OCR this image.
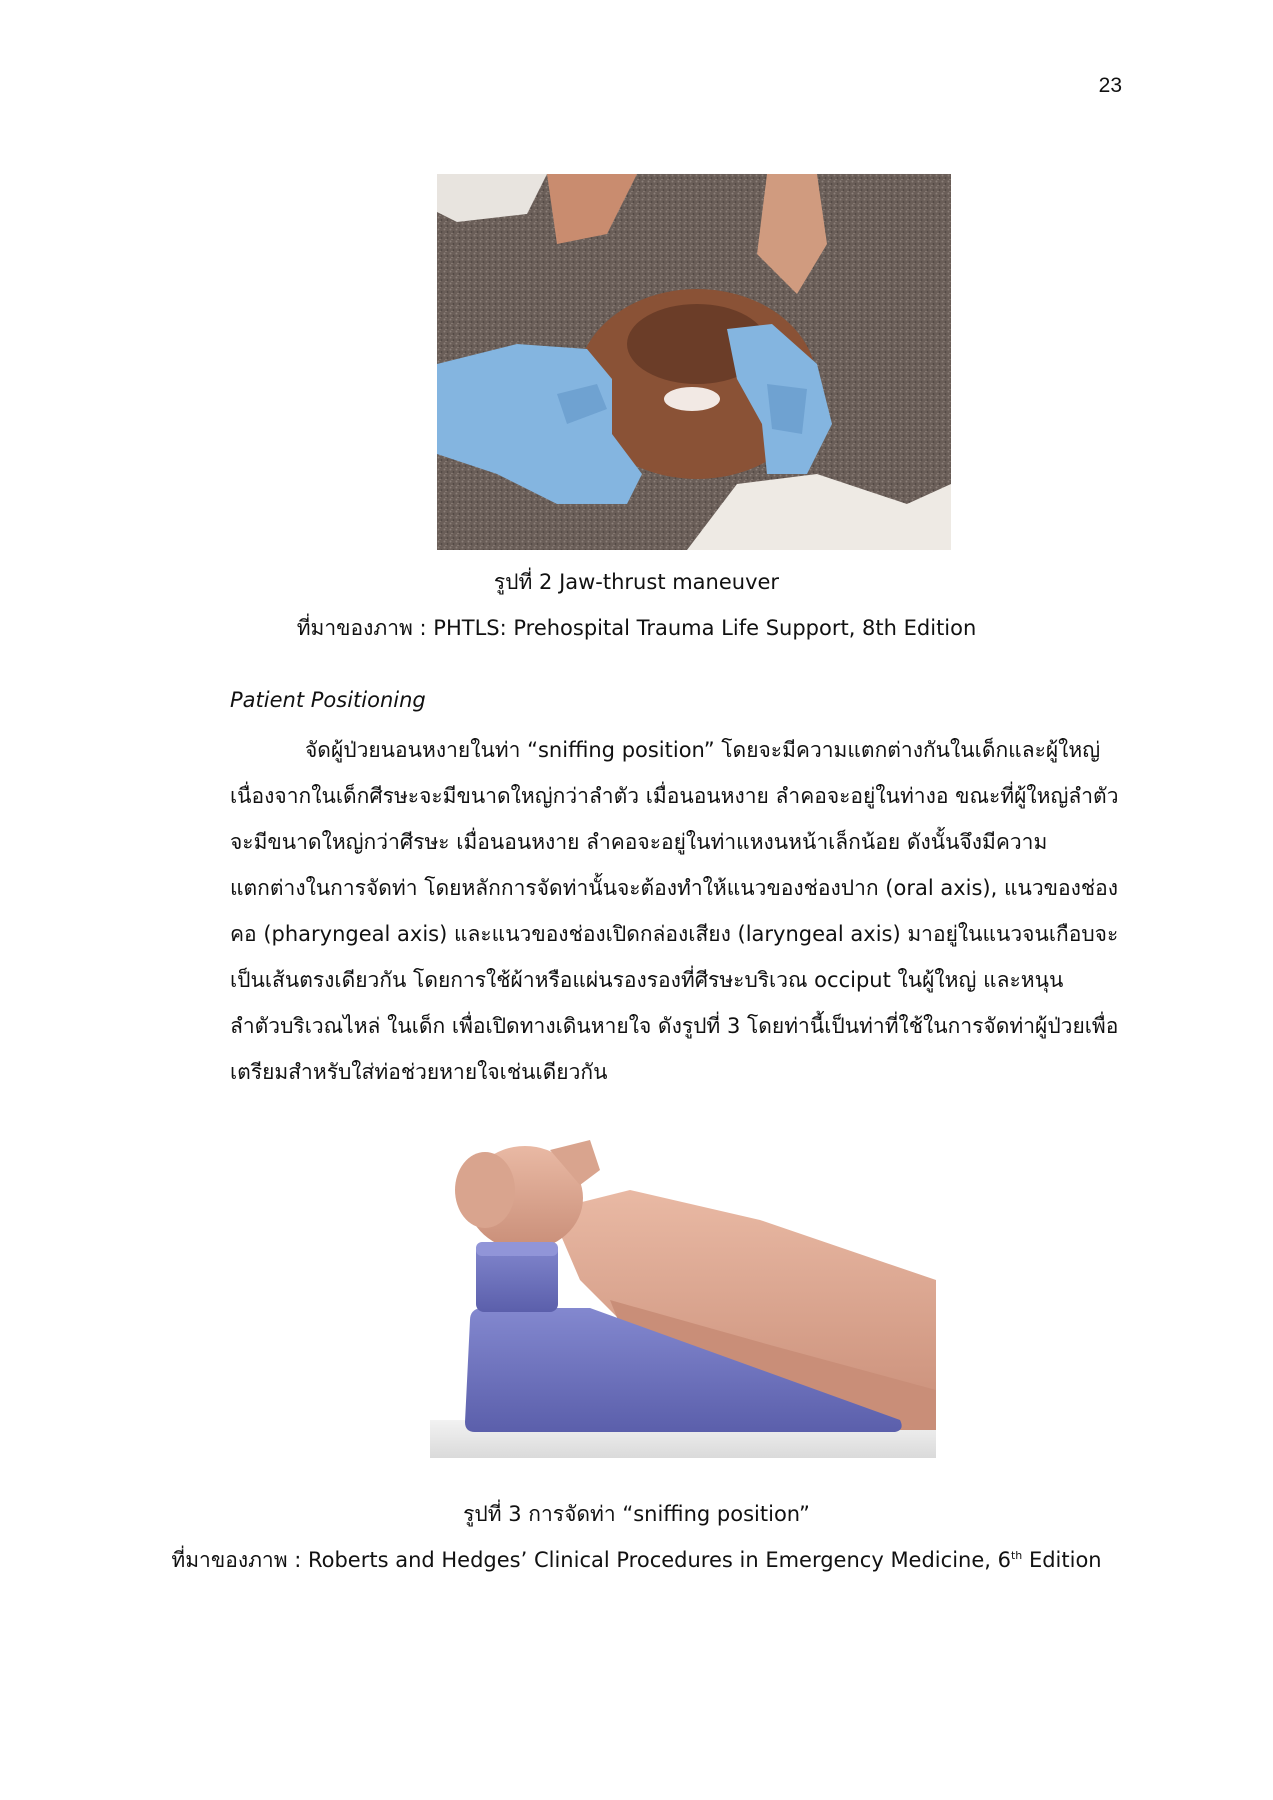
23
รูปที่ 2 Jaw-thrust maneuver
ที่มาของภาพ : PHTLS: Prehospital Trauma Life Support, 8th Edition
Patient Positioning
จัดผู้ป่วยนอนหงายในท่า “sniffing position” โดยจะมีความแตกต่างกันในเด็กและผู้ใหญ่
เนื่องจากในเด็กศีรษะจะมีขนาดใหญ่กว่าลำตัว เมื่อนอนหงาย ลำคอจะอยู่ในท่างอ ขณะที่ผู้ใหญ่ลำตัว
จะมีขนาดใหญ่กว่าศีรษะ เมื่อนอนหงาย ลำคอจะอยู่ในท่าแหงนหน้าเล็กน้อย ดังนั้นจึงมีความ
แตกต่างในการจัดท่า โดยหลักการจัดท่านั้นจะต้องทำให้แนวของช่องปาก (oral axis), แนวของช่อง
คอ (pharyngeal axis) และแนวของช่องเปิดกล่องเสียง (laryngeal axis) มาอยู่ในแนวจนเกือบจะ
เป็นเส้นตรงเดียวกัน โดยการใช้ผ้าหรือแผ่นรองรองที่ศีรษะบริเวณ occiput ในผู้ใหญ่ และหนุน
ลำตัวบริเวณไหล่ ในเด็ก เพื่อเปิดทางเดินหายใจ ดังรูปที่ 3 โดยท่านี้เป็นท่าที่ใช้ในการจัดท่าผู้ป่วยเพื่อ
เตรียมสำหรับใส่ท่อช่วยหายใจเช่นเดียวกัน
รูปที่ 3 การจัดท่า “sniffing position”
ที่มาของภาพ : Roberts and Hedges’ Clinical Procedures in Emergency Medicine, 6th Edition
